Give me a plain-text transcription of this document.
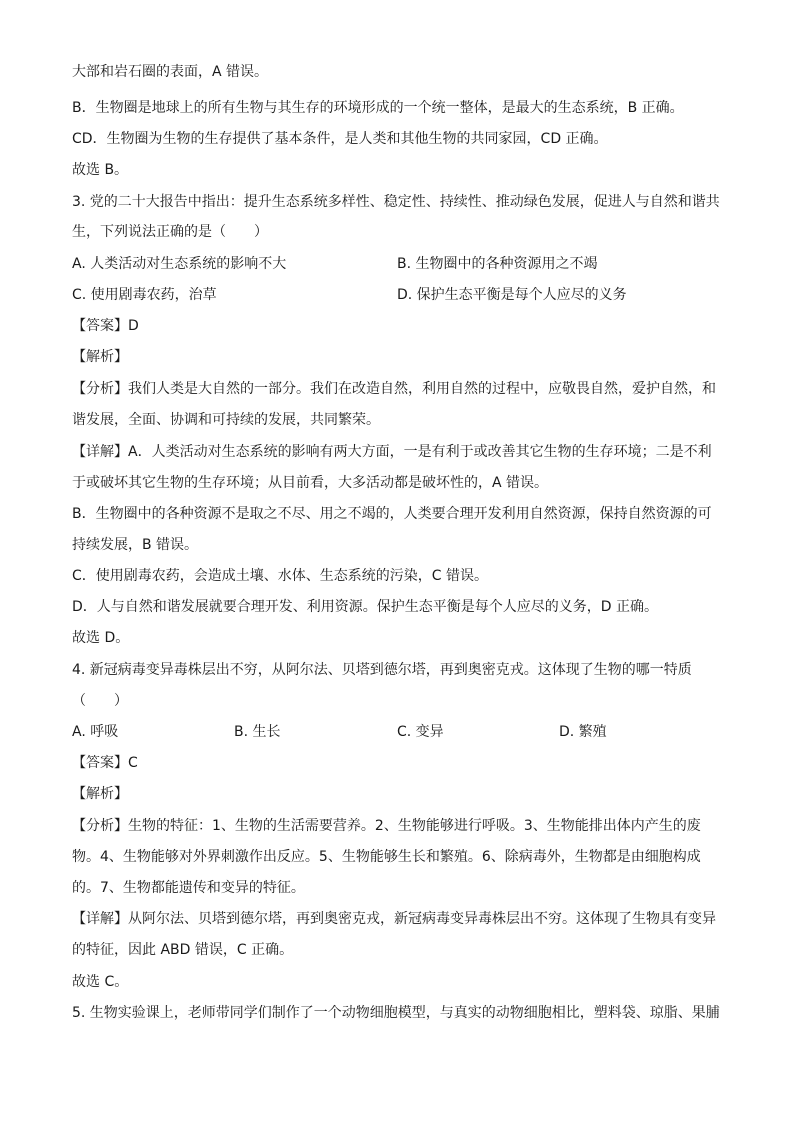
大部和岩石圈的表面，A 错误。
B．生物圈是地球上的所有生物与其生存的环境形成的一个统一整体，是最大的生态系统，B 正确。
CD．生物圈为生物的生存提供了基本条件，是人类和其他生物的共同家园，CD 正确。
故选 B。
3. 党的二十大报告中指出：提升生态系统多样性、稳定性、持续性、推动绿色发展，促进人与自然和谐共
生，下列说法正确的是（　　）
A. 人类活动对生态系统的影响不大	B. 生物圈中的各种资源用之不竭
C. 使用剧毒农药，治草	D. 保护生态平衡是每个人应尽的义务
【答案】D
【解析】
【分析】我们人类是大自然的一部分。我们在改造自然，利用自然的过程中，应敬畏自然，爱护自然，和
谐发展，全面、协调和可持续的发展，共同繁荣。
【详解】A．人类活动对生态系统的影响有两大方面，一是有利于或改善其它生物的生存环境；二是不利
于或破坏其它生物的生存环境；从目前看，大多活动都是破坏性的，A 错误。
B．生物圈中的各种资源不是取之不尽、用之不竭的，人类要合理开发利用自然资源，保持自然资源的可
持续发展，B 错误。
C．使用剧毒农药，会造成土壤、水体、生态系统的污染，C 错误。
D．人与自然和谐发展就要合理开发、利用资源。保护生态平衡是每个人应尽的义务，D 正确。
故选 D。
4. 新冠病毒变异毒株层出不穷，从阿尔法、贝塔到德尔塔，再到奥密克戎。这体现了生物的哪一特质
（　　）
A. 呼吸	B. 生长	C. 变异	D. 繁殖
【答案】C
【解析】
【分析】生物的特征：1、生物的生活需要营养。2、生物能够进行呼吸。3、生物能排出体内产生的废
物。4、生物能够对外界刺激作出反应。5、生物能够生长和繁殖。6、除病毒外，生物都是由细胞构成
的。7、生物都能遗传和变异的特征。
【详解】从阿尔法、贝塔到德尔塔，再到奥密克戎，新冠病毒变异毒株层出不穷。这体现了生物具有变异
的特征，因此 ABD 错误，C 正确。
故选 C。
5. 生物实验课上，老师带同学们制作了一个动物细胞模型，与真实的动物细胞相比，塑料袋、琼脂、果脯
